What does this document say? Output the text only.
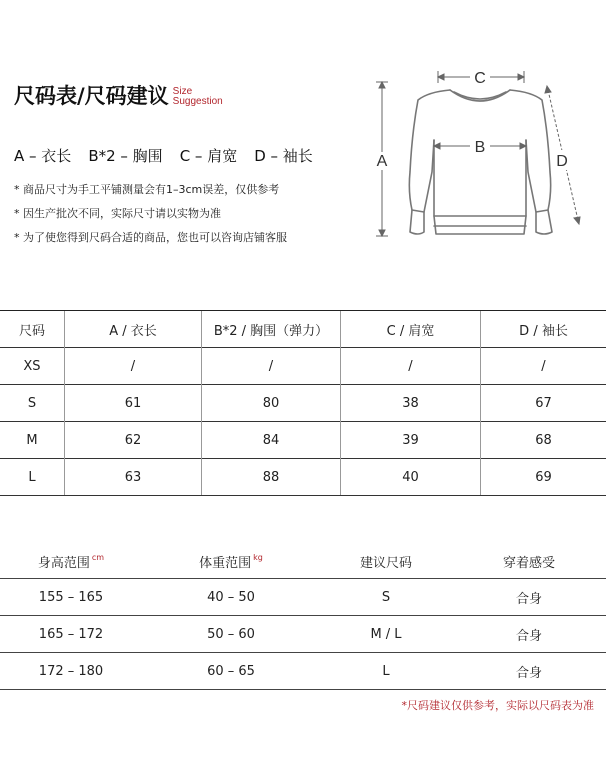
尺码表/尺码建议 Size
Suggestion
A – 衣长 B*2 – 胸围 C – 肩宽 D – 袖长
* 商品尺寸为手工平铺测量会有1–3cm误差，仅供参考
* 因生产批次不同，实际尺寸请以实物为准
* 为了使您得到尺码合适的商品，您也可以咨询店铺客服
C
B
A	D
尺码	A / 衣长	B*2 / 胸围（弹力）	C / 肩宽	D / 袖长
XS	/	/	/	/
S	61	80	38	67
M	62	84	39	68
L	63	88	40	69
身高范围 $^{cm}$	体重范围 $^{kg}$	建议尺码	穿着感受
155 – 165	40 – 50	S	合身
165 – 172	50 – 60	M / L	合身
172 – 180	60 – 65	L	合身
*尺码建议仅供参考，实际以尺码表为准
